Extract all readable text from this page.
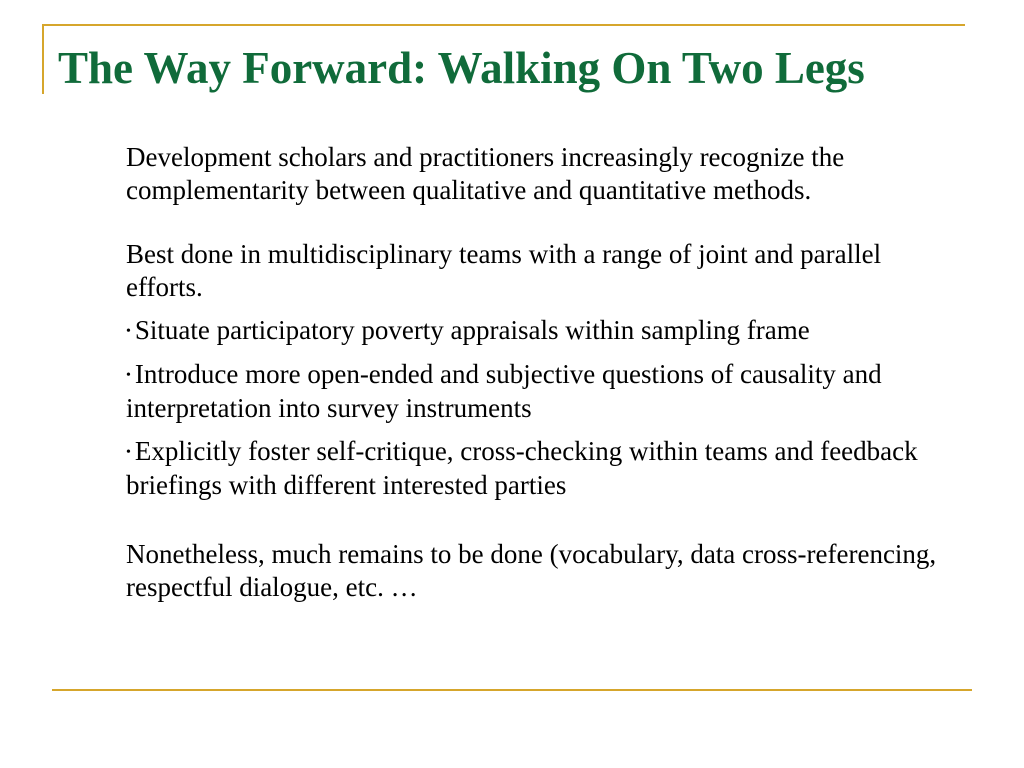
The Way Forward: Walking On Two Legs

Development scholars and practitioners increasingly recognize the complementarity between qualitative and quantitative methods.

Best done in multidisciplinary teams with a range of joint and parallel efforts.

• Situate participatory poverty appraisals within sampling frame

• Introduce more open-ended and subjective questions of causality and interpretation into survey instruments

• Explicitly foster self-critique, cross-checking within teams and feedback briefings with different interested parties

Nonetheless, much remains to be done (vocabulary, data cross-referencing, respectful dialogue, etc. …
